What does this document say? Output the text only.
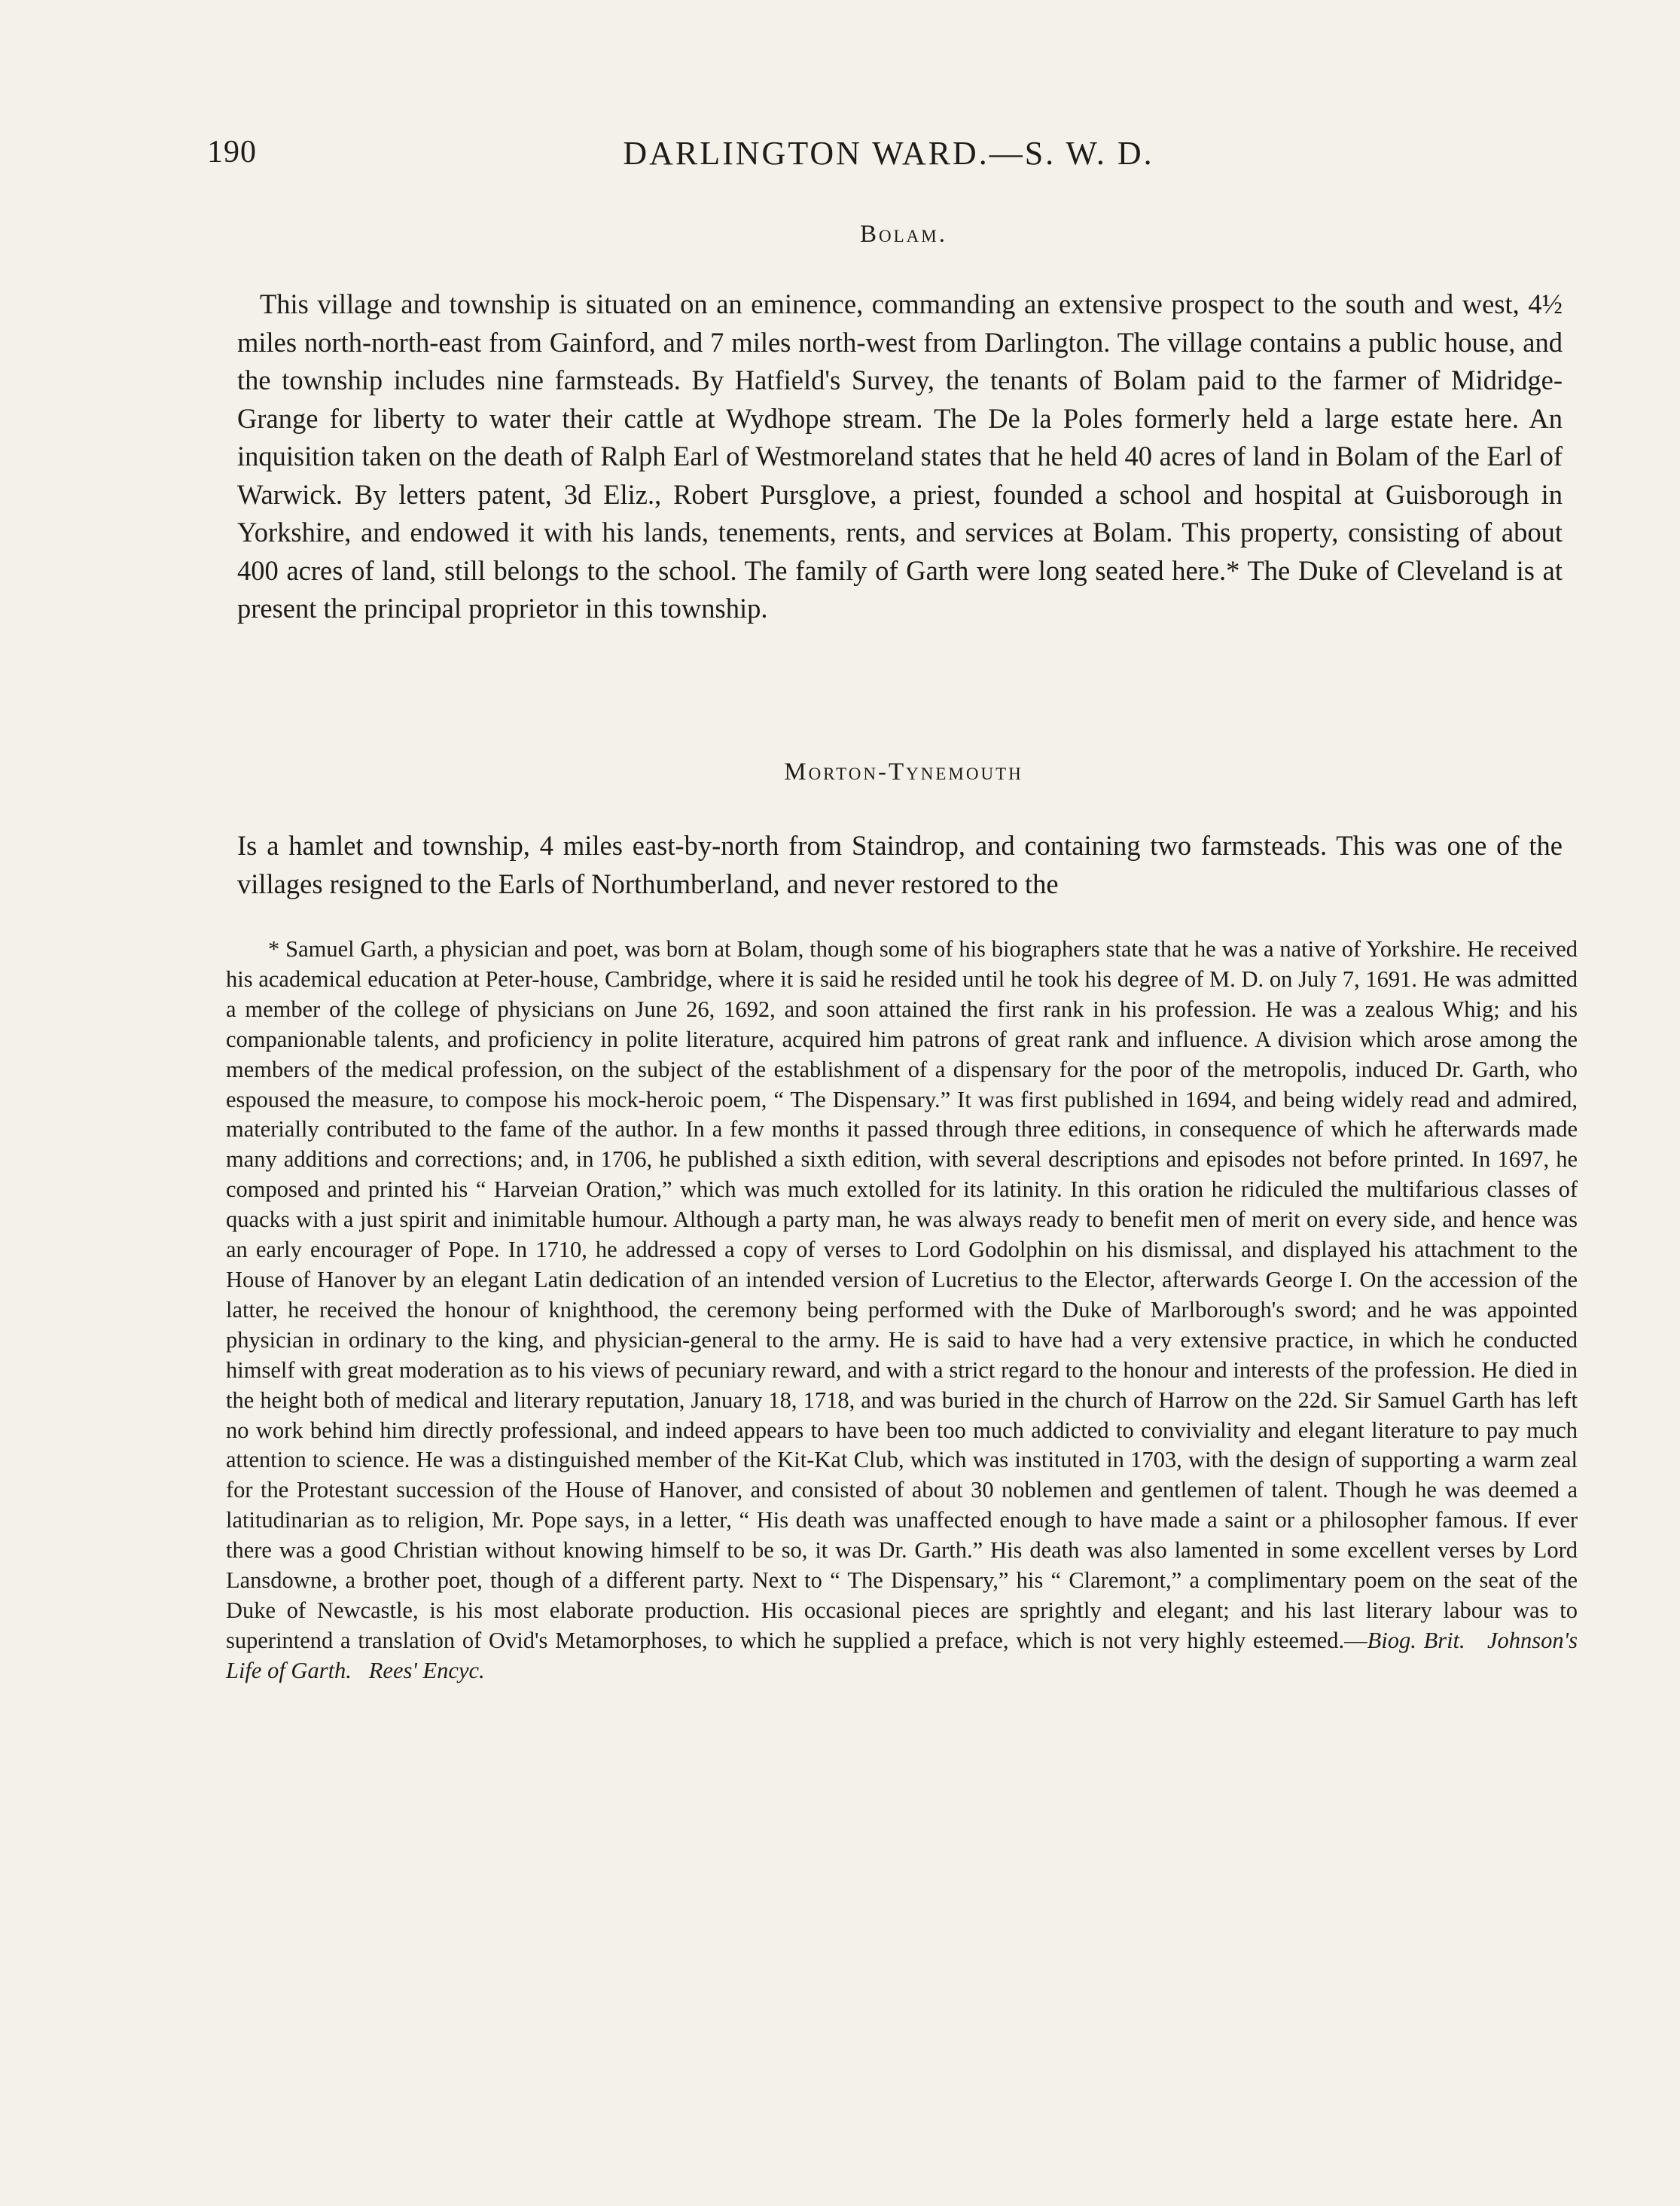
190	DARLINGTON WARD.—S. W. D.
Bolam.

This village and township is situated on an eminence, commanding an extensive prospect to the south and west, 4½ miles north-north-east from Gainford, and 7 miles north-west from Darlington. The village contains a public house, and the township includes nine farmsteads. By Hatfield's Survey, the tenants of Bolam paid to the farmer of Midridge-Grange for liberty to water their cattle at Wydhope stream. The De la Poles formerly held a large estate here. An inquisition taken on the death of Ralph Earl of Westmoreland states that he held 40 acres of land in Bolam of the Earl of Warwick. By letters patent, 3d Eliz., Robert Pursglove, a priest, founded a school and hospital at Guisborough in Yorkshire, and endowed it with his lands, tenements, rents, and services at Bolam. This property, consisting of about 400 acres of land, still belongs to the school. The family of Garth were long seated here.* The Duke of Cleveland is at present the principal proprietor in this township.

Morton-Tynemouth

Is a hamlet and township, 4 miles east-by-north from Staindrop, and containing two farmsteads. This was one of the villages resigned to the Earls of Northumberland, and never restored to the

* Samuel Garth, a physician and poet, was born at Bolam, though some of his biographers state that he was a native of Yorkshire. He received his academical education at Peter-house, Cambridge, where it is said he resided until he took his degree of M. D. on July 7, 1691. He was admitted a member of the college of physicians on June 26, 1692, and soon attained the first rank in his profession. He was a zealous Whig; and his companionable talents, and proficiency in polite literature, acquired him patrons of great rank and influence. A division which arose among the members of the medical profession, on the subject of the establishment of a dispensary for the poor of the metropolis, induced Dr. Garth, who espoused the measure, to compose his mock-heroic poem, “ The Dispensary.” It was first published in 1694, and being widely read and admired, materially contributed to the fame of the author. In a few months it passed through three editions, in consequence of which he afterwards made many additions and corrections; and, in 1706, he published a sixth edition, with several descriptions and episodes not before printed. In 1697, he composed and printed his “ Harveian Oration,” which was much extolled for its latinity. In this oration he ridiculed the multifarious classes of quacks with a just spirit and inimitable humour. Although a party man, he was always ready to benefit men of merit on every side, and hence was an early encourager of Pope. In 1710, he addressed a copy of verses to Lord Godolphin on his dismissal, and displayed his attachment to the House of Hanover by an elegant Latin dedication of an intended version of Lucretius to the Elector, afterwards George I. On the accession of the latter, he received the honour of knighthood, the ceremony being performed with the Duke of Marlborough's sword; and he was appointed physician in ordinary to the king, and physician-general to the army. He is said to have had a very extensive practice, in which he conducted himself with great moderation as to his views of pecuniary reward, and with a strict regard to the honour and interests of the profession. He died in the height both of medical and literary reputation, January 18, 1718, and was buried in the church of Harrow on the 22d. Sir Samuel Garth has left no work behind him directly professional, and indeed appears to have been too much addicted to conviviality and elegant literature to pay much attention to science. He was a distinguished member of the Kit-Kat Club, which was instituted in 1703, with the design of supporting a warm zeal for the Protestant succession of the House of Hanover, and consisted of about 30 noblemen and gentlemen of talent. Though he was deemed a latitudinarian as to religion, Mr. Pope says, in a letter, “ His death was unaffected enough to have made a saint or a philosopher famous. If ever there was a good Christian without knowing himself to be so, it was Dr. Garth.” His death was also lamented in some excellent verses by Lord Lansdowne, a brother poet, though of a different party. Next to “ The Dispensary,” his “ Claremont,” a complimentary poem on the seat of the Duke of Newcastle, is his most elaborate production. His occasional pieces are sprightly and elegant; and his last literary labour was to superintend a translation of Ovid's Metamorphoses, to which he supplied a preface, which is not very highly esteemed.—Biog. Brit. Johnson's Life of Garth. Rees' Encyc.
